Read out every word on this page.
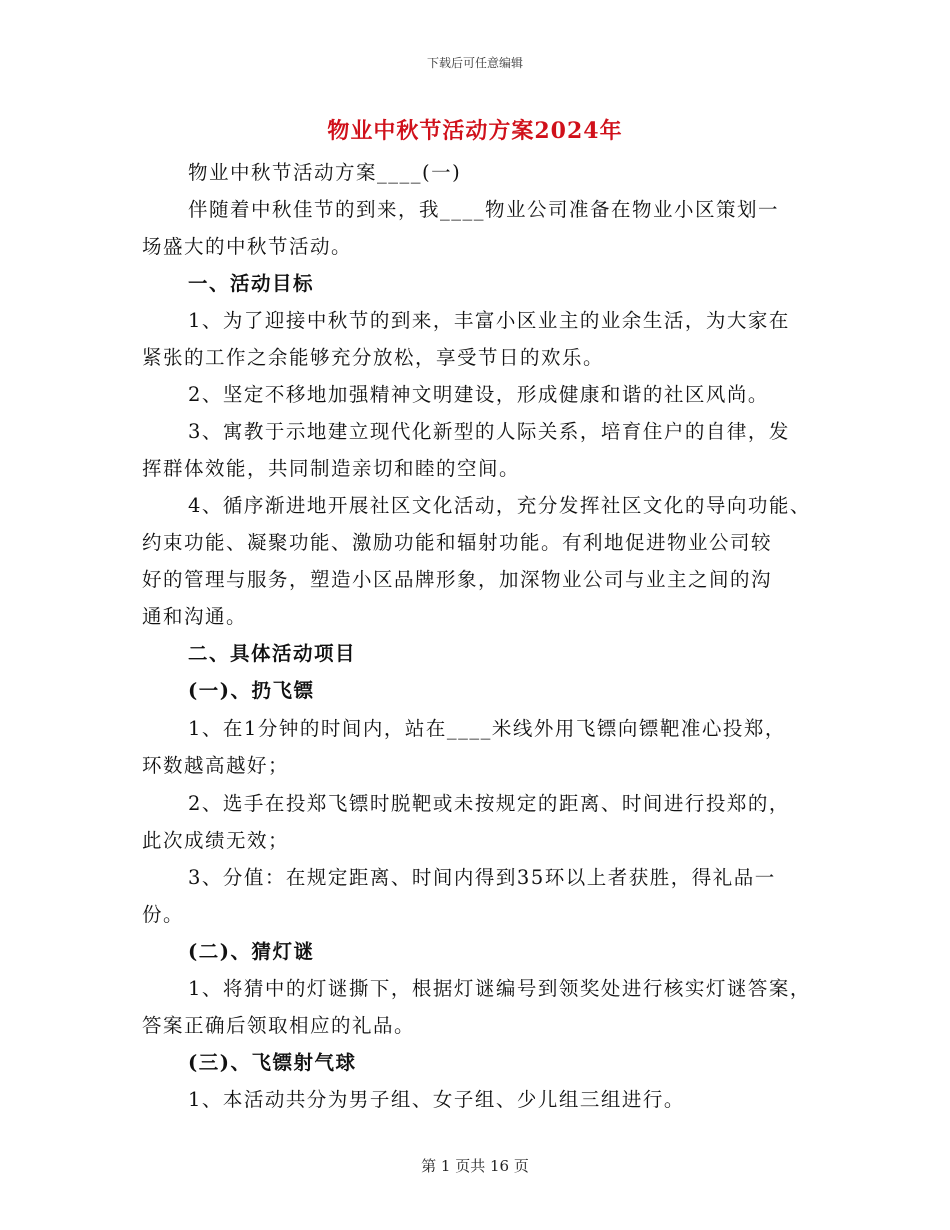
下载后可任意编辑
物业中秋节活动方案2024年
物业中秋节活动方案____(一)
伴随着中秋佳节的到来，我____物业公司准备在物业小区策划一
场盛大的中秋节活动。
一、活动目标
1、为了迎接中秋节的到来，丰富小区业主的业余生活，为大家在
紧张的工作之余能够充分放松，享受节日的欢乐。
2、坚定不移地加强精神文明建设，形成健康和谐的社区风尚。
3、寓教于示地建立现代化新型的人际关系，培育住户的自律，发
挥群体效能，共同制造亲切和睦的空间。
4、循序渐进地开展社区文化活动，充分发挥社区文化的导向功能、
约束功能、凝聚功能、激励功能和辐射功能。有利地促进物业公司较
好的管理与服务，塑造小区品牌形象，加深物业公司与业主之间的沟
通和沟通。
二、具体活动项目
(一)、扔飞镖
1、在1分钟的时间内，站在____米线外用飞镖向镖靶准心投郑，
环数越高越好；
2、选手在投郑飞镖时脱靶或未按规定的距离、时间进行投郑的，
此次成绩无效；
3、分值：在规定距离、时间内得到35环以上者获胜，得礼品一
份。
(二)、猜灯谜
1、将猜中的灯谜撕下，根据灯谜编号到领奖处进行核实灯谜答案，
答案正确后领取相应的礼品。
(三)、飞镖射气球
1、本活动共分为男子组、女子组、少儿组三组进行。
第 1 页共 16 页
